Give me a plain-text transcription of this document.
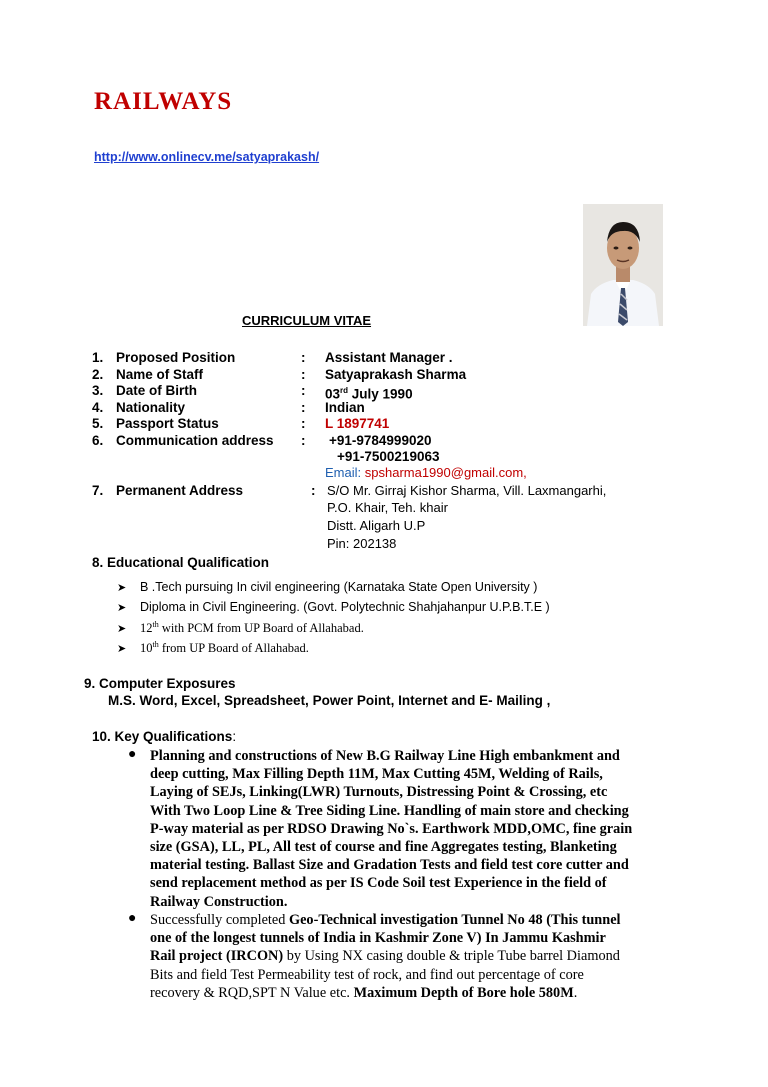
RAILWAYS
http://www.onlinecv.me/satyaprakash/
CURRICULUM VITAE
1. Proposed Position	: Assistant Manager .
2. Name of Staff	: Satyaprakash Sharma
3. Date of Birth	: 03rd July 1990
4. Nationality	: Indian
5. Passport Status	: L 1897741
6. Communication address : +91-9784999020
+91-7500219063
Email: spsharma1990@gmail.com,
7. Permanent Address	: S/O Mr. Girraj Kishor Sharma, Vill. Laxmangarhi,
P.O. Khair, Teh. khair
Distt. Aligarh U.P
Pin: 202138
8. Educational Qualification
➤ B .Tech pursuing In civil engineering (Karnataka State Open University )
➤ Diploma in Civil Engineering. (Govt. Polytechnic Shahjahanpur U.P.B.T.E )
➤ 12th with PCM from UP Board of Allahabad.
➤ 10th from UP Board of Allahabad.
9. Computer Exposures
M.S. Word, Excel, Spreadsheet, Power Point, Internet and E- Mailing ,
10. Key Qualifications:
● Planning and constructions of New B.G Railway Line High embankment and
deep cutting, Max Filling Depth 11M, Max Cutting 45M, Welding of Rails,
Laying of SEJs, Linking(LWR) Turnouts, Distressing Point & Crossing, etc
With Two Loop Line & Tree Siding Line. Handling of main store and checking
P-way material as per RDSO Drawing No`s. Earthwork MDD,OMC, fine grain
size (GSA), LL, PL, All test of course and fine Aggregates testing, Blanketing
material testing. Ballast Size and Gradation Tests and field test core cutter and
send replacement method as per IS Code Soil test Experience in the field of
Railway Construction.
● Successfully completed Geo-Technical investigation Tunnel No 48 (This tunnel
one of the longest tunnels of India in Kashmir Zone V) In Jammu Kashmir
Rail project (IRCON) by Using NX casing double & triple Tube barrel Diamond
Bits and field Test Permeability test of rock, and find out percentage of core
recovery & RQD,SPT N Value etc. Maximum Depth of Bore hole 580M.
